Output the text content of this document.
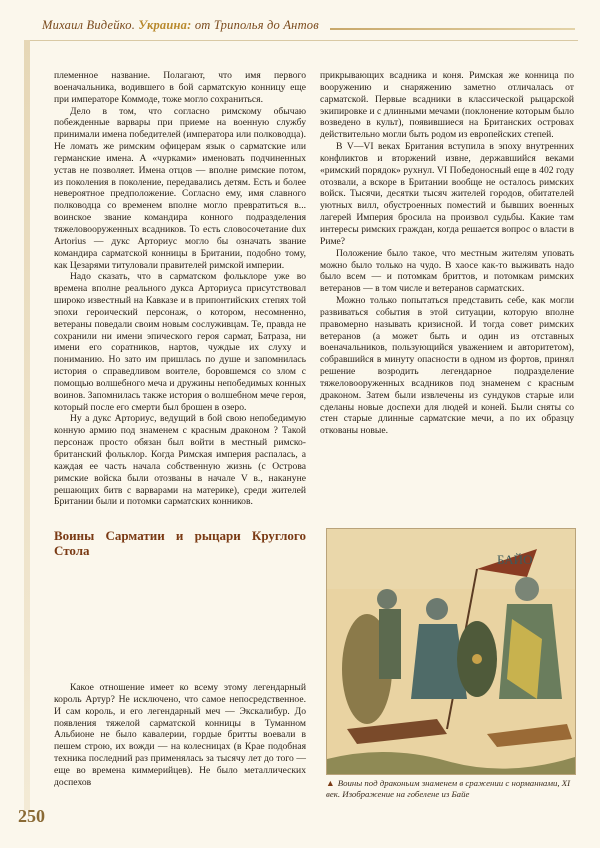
Михаил Видейко. Украина: от Триполья до Антов

племенное название. Полагают, что имя первого военачальника, водившего в бой сарматскую конницу еще при императоре Коммоде, тоже могло сохраниться.

Дело в том, что согласно римскому обычаю побежденные варвары при приеме на военную службу принимали имена победителей (императора или полководца). Не ломать же римским офицерам язык о сарматские или германские имена. А «чурками» именовать подчиненных устав не позволяет. Имена отцов — вполне римские потом, из поколения в поколение, передавались детям. Есть и более невероятное предположение. Согласно ему, имя славного полководца со временем вполне могло превратиться в... воинское звание командира конного подразделения тяжеловооруженных всадников. То есть словосочетание dux Artorius — дукс Арториус могло бы означать звание командира сарматской конницы в Британии, подобно тому, как Цезарями титуловали правителей римской империи.

Надо сказать, что в сарматском фольклоре уже во времена вполне реального дукса Арториуса присутствовал широко известный на Кавказе и в припонтийских степях той эпохи героический персонаж, о котором, несомненно, ветераны поведали своим новым сослуживцам. Те, правда не сохранили ни имени эпического героя сармат, Батраза, ни имени его соратников, нартов, чуждые их слуху и пониманию. Но зато им пришлась по душе и запомнилась история о справедливом воителе, боровшемся со злом с помощью волшебного меча и дружины непобедимых конных воинов. Запомнилась также история о волшебном мече героя, который после его смерти был брошен в озеро.

Ну а дукс Арториус, ведущий в бой свою непобедимую конную армию под знаменем с красным драконом ? Такой персонаж просто обязан был войти в местный римско-британский фольклор. Когда Римская империя распалась, а каждая ее часть начала собственную жизнь (с Острова римские войска были отозваны в начале V в., накануне решающих битв с варварами на материке), среди жителей Британии были и потомки сарматских конников.

Воины Сарматии и рыцари Круглого Стола

Какое отношение имеет ко всему этому легендарный король Артур? Не исключено, что самое непосредственное. И сам король, и его легендарный меч — Экскалибур. До появления тяжелой сарматской конницы в Туманном Альбионе не было кавалерии, гордые бритты воевали в пешем строю, их вожди — на колесницах (в Крае подобная техника последний раз применялась за тысячу лет до того — еще во времена киммерийцев). Не было металлических доспехов

прикрывающих всадника и коня. Римская же конница по вооружению и снаряжению заметно отличалась от сарматской. Первые всадники в классической рыцарской экипировке и с длинными мечами (поклонение которым было возведено в культ), появившиеся на Британских островах действительно могли быть родом из европейских степей.

В V—VI веках Британия вступила в эпоху внутренних конфликтов и вторжений извне, державшийся веками «римский порядок» рухнул. VI Победоносный еще в 402 году отозвали, а вскоре в Британии вообще не осталось римских войск. Тысячи, десятки тысяч жителей городов, обитателей уютных вилл, обустроенных поместий и бывших военных лагерей Империя бросила на произвол судьбы. Какие там интересы римских граждан, когда решается вопрос о власти в Риме?

Положение было такое, что местным жителям уповать можно было только на чудо. В хаосе как-то выживать надо было всем — и потомкам бриттов, и потомкам римских ветеранов — в том числе и ветеранов сарматских.

Можно только попытаться представить себе, как могли развиваться события в этой ситуации, которую вполне правомерно называть кризисной. И тогда совет римских ветеранов (а может быть и один из отставных военачальников, пользующийся уважением и авторитетом), собравшийся в минуту опасности в одном из фортов, принял решение возродить легендарное подразделение тяжеловооруженных всадников под знаменем с красным драконом. Затем были извлечены из сундуков старые или сделаны новые доспехи для людей и коней. Были сняты со стен старые длинные сарматские мечи, а по их образцу откованы новые.

БАЙО
▲ Воины под драконьим знаменем в сражении с норманнами, XI век. Изображение на гобелене из Байе
250
